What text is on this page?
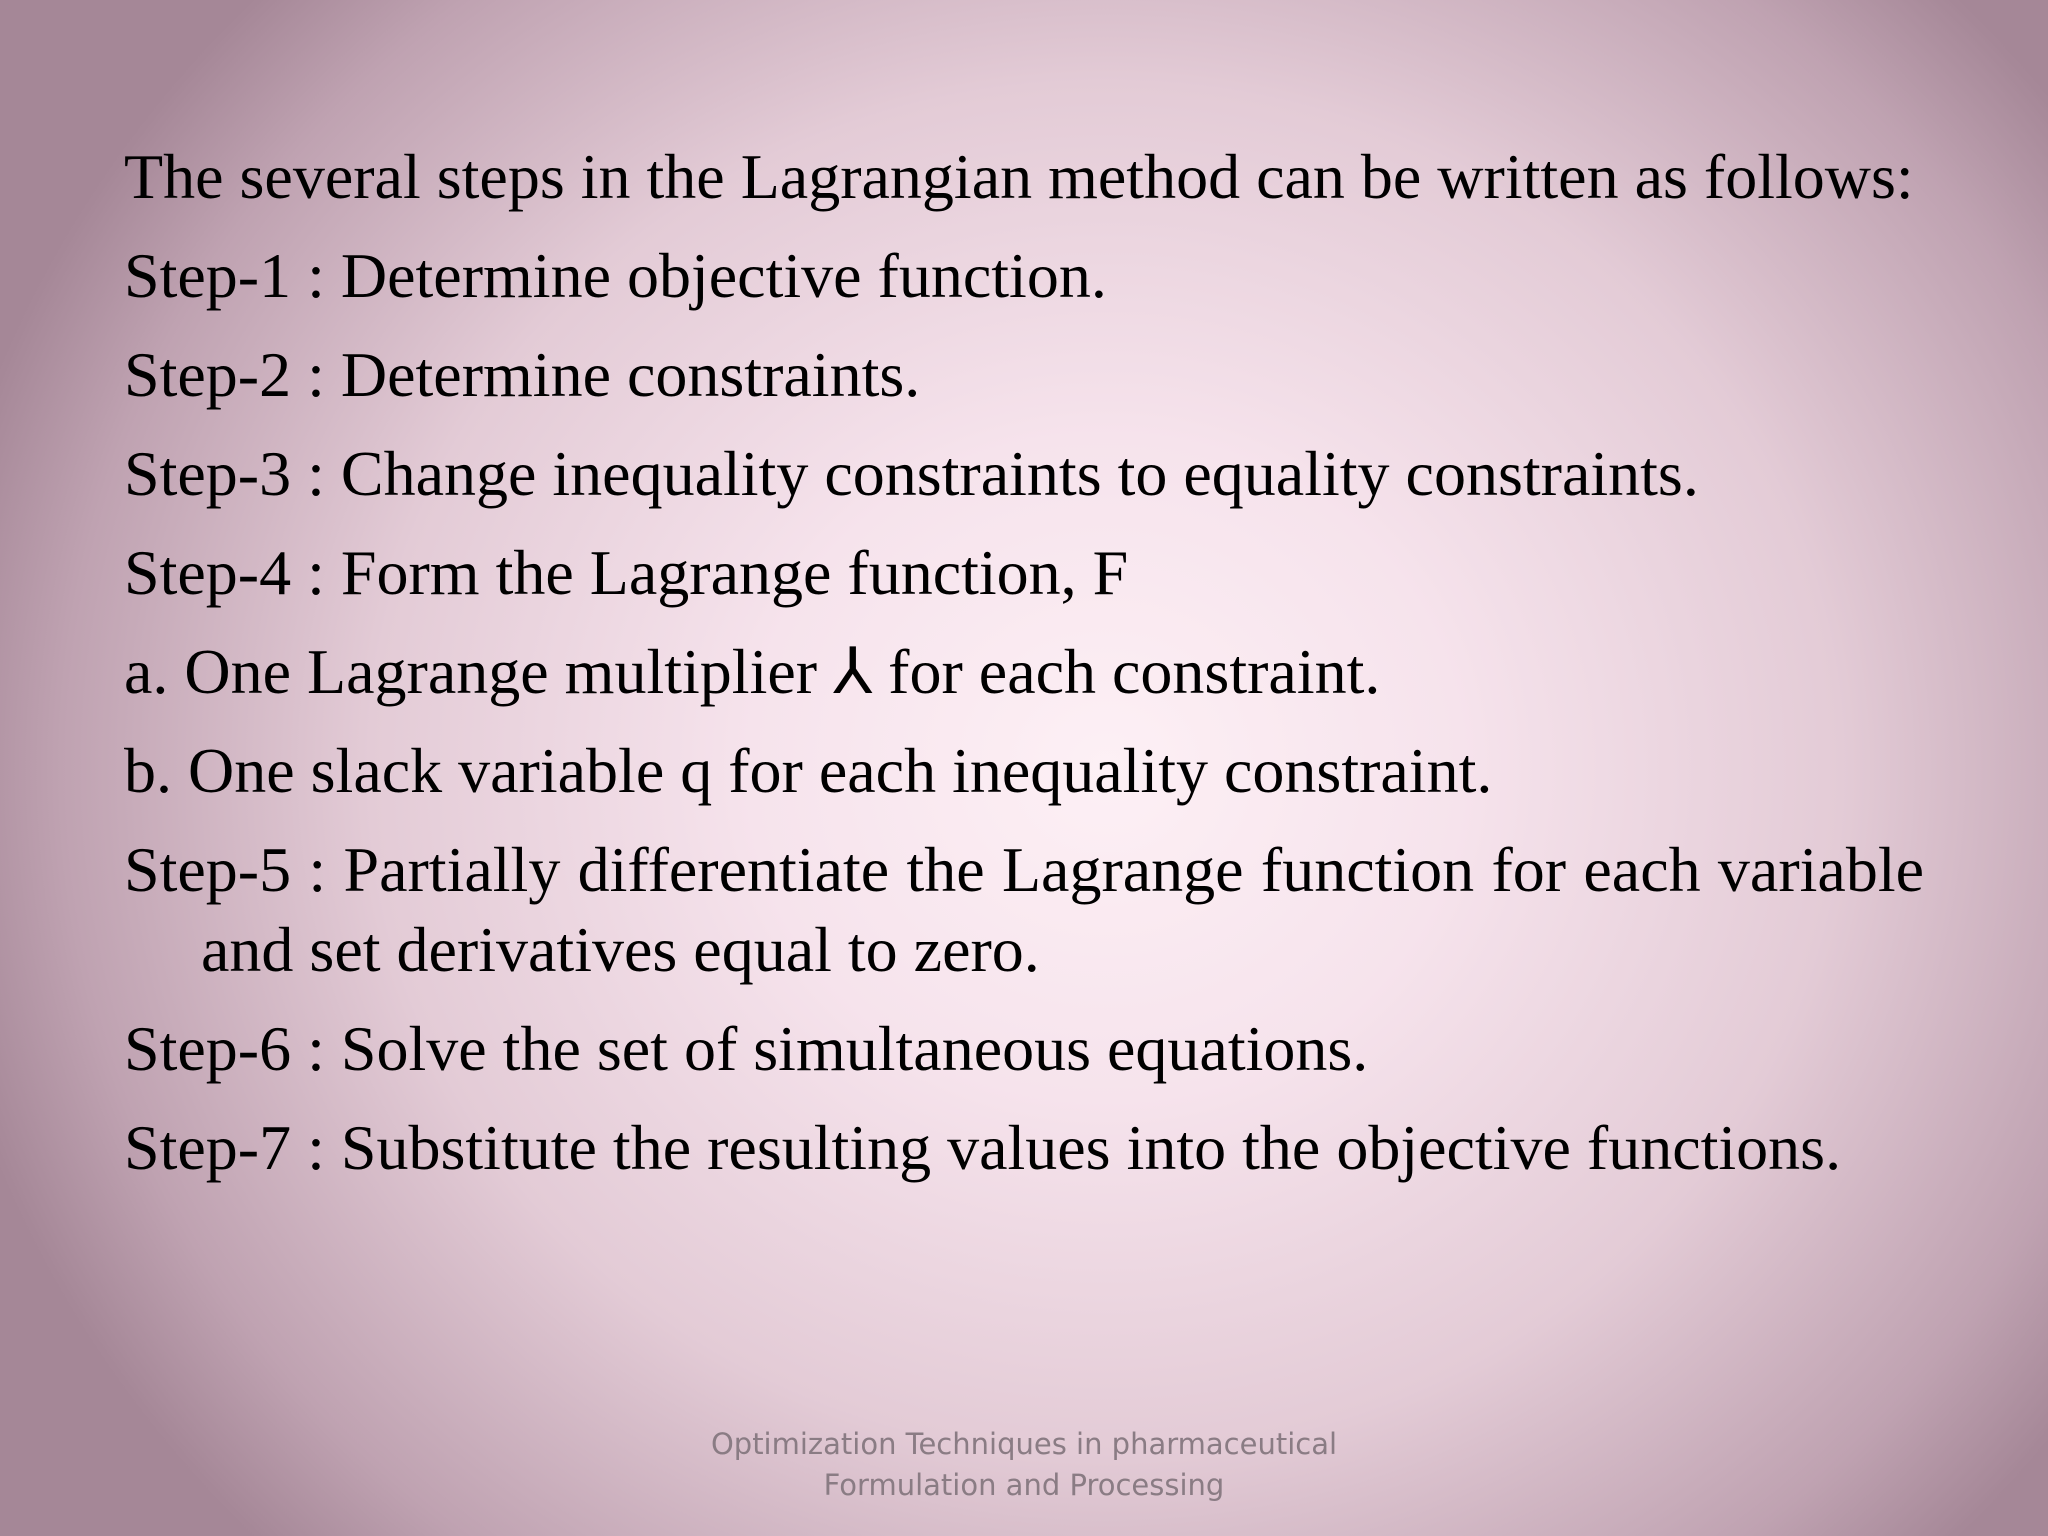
The several steps in the Lagrangian method can be written as follows:

Step-1 : Determine objective function.

Step-2 : Determine constraints.

Step-3 : Change inequality constraints to equality constraints.

Step-4 : Form the Lagrange function, F

a. One Lagrange multiplier ⅄ for each constraint.

b. One slack variable q for each inequality constraint.

Step-5 : Partially differentiate the Lagrange function for each variable and set derivatives equal to zero.

Step-6 : Solve the set of simultaneous equations.

Step-7 : Substitute the resulting values into the objective functions.

Optimization Techniques in pharmaceutical
Formulation and Processing
